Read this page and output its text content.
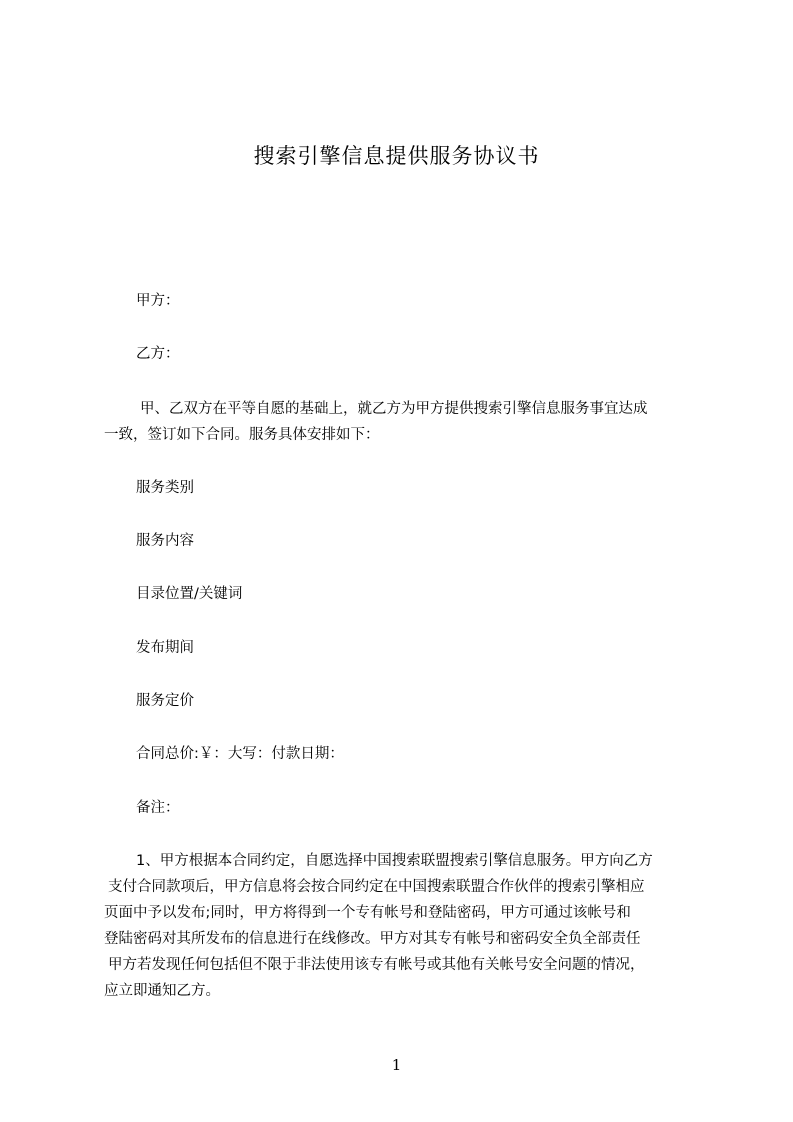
搜索引擎信息提供服务协议书
甲方：
乙方：
甲、乙双方在平等自愿的基础上，就乙方为甲方提供搜索引擎信息服务事宜达成
一致，签订如下合同。服务具体安排如下：
服务类别
服务内容
目录位置/关键词
发布期间
服务定价
合同总价:￥：大写：付款日期：
备注：
1、甲方根据本合同约定，自愿选择中国搜索联盟搜索引擎信息服务。甲方向乙方
支付合同款项后，甲方信息将会按合同约定在中国搜索联盟合作伙伴的搜索引擎相应
页面中予以发布;同时，甲方将得到一个专有帐号和登陆密码，甲方可通过该帐号和
登陆密码对其所发布的信息进行在线修改。甲方对其专有帐号和密码安全负全部责任
甲方若发现任何包括但不限于非法使用该专有帐号或其他有关帐号安全问题的情况，
应立即通知乙方。
1
